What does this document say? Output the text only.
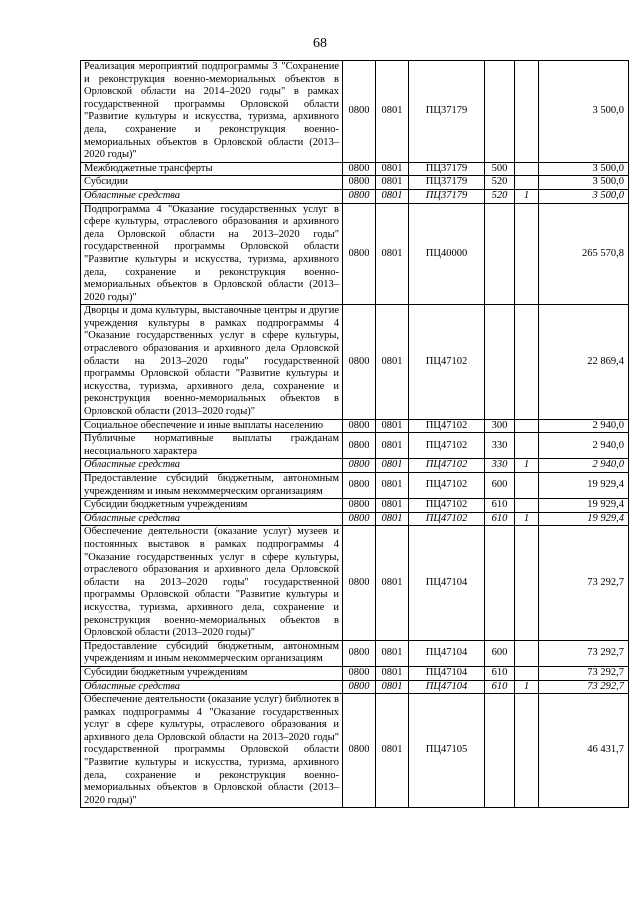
68
Реализация мероприятий подпрограммы 3 "Сохранение и реконструкция военно-мемориальных объектов в Орловской области на 2014–2020 годы" в рамках государственной программы Орловской области "Развитие культуры и искусства, туризма, архивного дела, сохранение и реконструкция военно-мемориальных объектов в Орловской области (2013–2020 годы)"	0800	0801	ПЦ37179			3 500,0
Межбюджетные трансферты	0800	0801	ПЦ37179	500		3 500,0
Субсидии	0800	0801	ПЦ37179	520		3 500,0
Областные средства	0800	0801	ПЦ37179	520	1	3 500,0
Подпрограмма 4 "Оказание государственных услуг в сфере культуры, отраслевого образования и архивного дела Орловской области на 2013–2020 годы" государственной программы Орловской области "Развитие культуры и искусства, туризма, архивного дела, сохранение и реконструкция военно-мемориальных объектов в Орловской области (2013–2020 годы)"	0800	0801	ПЦ40000			265 570,8
Дворцы и дома культуры, выставочные центры и другие учреждения культуры в рамках подпрограммы 4 "Оказание государственных услуг в сфере культуры, отраслевого образования и архивного дела Орловской области на 2013–2020 годы" государственной программы Орловской области "Развитие культуры и искусства, туризма, архивного дела, сохранение и реконструкция военно-мемориальных объектов в Орловской области (2013–2020 годы)"	0800	0801	ПЦ47102			22 869,4
Социальное обеспечение и иные выплаты населению	0800	0801	ПЦ47102	300		2 940,0
Публичные нормативные выплаты гражданам несоциального характера	0800	0801	ПЦ47102	330		2 940,0
Областные средства	0800	0801	ПЦ47102	330	1	2 940,0
Предоставление субсидий бюджетным, автономным учреждениям и иным некоммерческим организациям	0800	0801	ПЦ47102	600		19 929,4
Субсидии бюджетным учреждениям	0800	0801	ПЦ47102	610		19 929,4
Областные средства	0800	0801	ПЦ47102	610	1	19 929,4
Обеспечение деятельности (оказание услуг) музеев и постоянных выставок в рамках подпрограммы 4 "Оказание государственных услуг в сфере культуры, отраслевого образования и архивного дела Орловской области на 2013–2020 годы" государственной программы Орловской области "Развитие культуры и искусства, туризма, архивного дела, сохранение и реконструкция военно-мемориальных объектов в Орловской области (2013–2020 годы)"	0800	0801	ПЦ47104			73 292,7
Предоставление субсидий бюджетным, автономным учреждениям и иным некоммерческим организациям	0800	0801	ПЦ47104	600		73 292,7
Субсидии бюджетным учреждениям	0800	0801	ПЦ47104	610		73 292,7
Областные средства	0800	0801	ПЦ47104	610	1	73 292,7
Обеспечение деятельности (оказание услуг) библиотек в рамках подпрограммы 4 "Оказание государственных услуг в сфере культуры, отраслевого образования и архивного дела Орловской области на 2013–2020 годы" государственной программы Орловской области "Развитие культуры и искусства, туризма, архивного дела, сохранение и реконструкция военно-мемориальных объектов в Орловской области (2013–2020 годы)"	0800	0801	ПЦ47105			46 431,7
